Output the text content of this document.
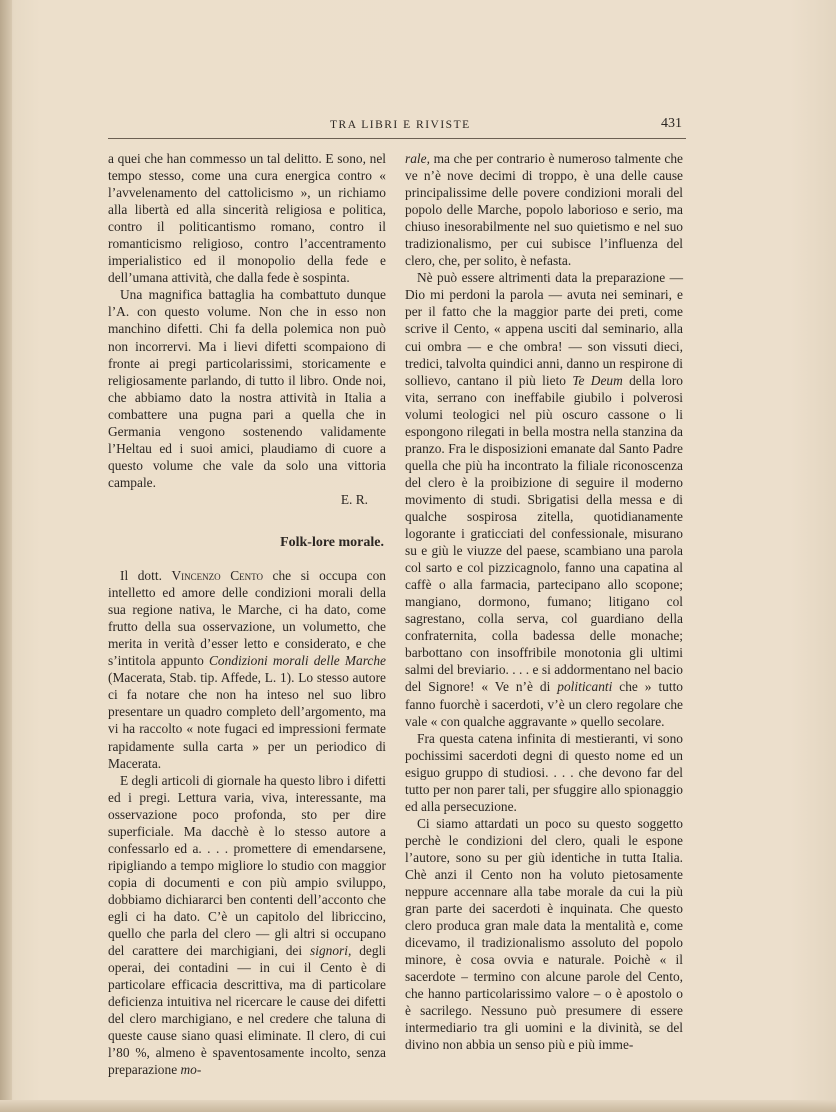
TRA LIBRI E RIVISTE	431

a quei che han commesso un tal delitto. E sono, nel tempo stesso, come una cura energica contro « l’avvelenamento del cattolicismo », un richiamo alla libertà ed alla sincerità religiosa e politica, contro il politicantismo romano, contro il romanticismo religioso, contro l’accentramento imperialistico ed il monopolio della fede e dell’umana attività, che dalla fede è sospinta.

Una magnifica battaglia ha combattuto dunque l’A. con questo volume. Non che in esso non manchino difetti. Chi fa della polemica non può non incorrervi. Ma i lievi difetti scompaiono di fronte ai pregi particolarissimi, storicamente e religiosamente parlando, di tutto il libro. Onde noi, che abbiamo dato la nostra attività in Italia a combattere una pugna pari a quella che in Germania vengono sostenendo validamente l’Heltau ed i suoi amici, plaudiamo di cuore a questo volume che vale da solo una vittoria campale.

E. R.

Folk-lore morale.

Il dott. Vincenzo Cento che si occupa con intelletto ed amore delle condizioni morali della sua regione nativa, le Marche, ci ha dato, come frutto della sua osservazione, un volumetto, che merita in verità d’esser letto e considerato, e che s’intitola appunto Condizioni morali delle Marche (Macerata, Stab. tip. Affede, L. 1). Lo stesso autore ci fa notare che non ha inteso nel suo libro presentare un quadro completo dell’argomento, ma vi ha raccolto « note fugaci ed impressioni fermate rapidamente sulla carta » per un periodico di Macerata.

E degli articoli di giornale ha questo libro i difetti ed i pregi. Lettura varia, viva, interessante, ma osservazione poco profonda, sto per dire superficiale. Ma dacchè è lo stesso autore a confessarlo ed a. . . . promettere di emendarsene, ripigliando a tempo migliore lo studio con maggior copia di documenti e con più ampio sviluppo, dobbiamo dichiararci ben contenti dell’acconto che egli ci ha dato. C’è un capitolo del libriccino, quello che parla del clero — gli altri si occupano del carattere dei marchigiani, dei signori, degli operai, dei contadini — in cui il Cento è di particolare efficacia descrittiva, ma di particolare deficienza intuitiva nel ricercare le cause dei difetti del clero marchigiano, e nel credere che taluna di queste cause siano quasi eliminate. Il clero, di cui l’80 %, almeno è spaventosamente incolto, senza preparazione mo-

rale, ma che per contrario è numeroso talmente che ve n’è nove decimi di troppo, è una delle cause principalissime delle povere condizioni morali del popolo delle Marche, popolo laborioso e serio, ma chiuso inesorabilmente nel suo quietismo e nel suo tradizionalismo, per cui subisce l’influenza del clero, che, per solito, è nefasta.

Nè può essere altrimenti data la preparazione — Dio mi perdoni la parola — avuta nei seminari, e per il fatto che la maggior parte dei preti, come scrive il Cento, « appena usciti dal seminario, alla cui ombra — e che ombra! — son vissuti dieci, tredici, talvolta quindici anni, danno un respirone di sollievo, cantano il più lieto Te Deum della loro vita, serrano con ineffabile giubilo i polverosi volumi teologici nel più oscuro cassone o li espongono rilegati in bella mostra nella stanzina da pranzo. Fra le disposizioni emanate dal Santo Padre quella che più ha incontrato la filiale riconoscenza del clero è la proibizione di seguire il moderno movimento di studi. Sbrigatisi della messa e di qualche sospirosa zitella, quotidianamente logorante i graticciati del confessionale, misurano su e giù le viuzze del paese, scambiano una parola col sarto e col pizzicagnolo, fanno una capatina al caffè o alla farmacia, partecipano allo scopone; mangiano, dormono, fumano; litigano col sagrestano, colla serva, col guardiano della confraternita, colla badessa delle monache; barbottano con insoffribile monotonia gli ultimi salmi del breviario. . . . e si addormentano nel bacio del Signore! « Ve n’è di politicanti che » tutto fanno fuorchè i sacerdoti, v’è un clero regolare che vale « con qualche aggravante » quello secolare.

Fra questa catena infinita di mestieranti, vi sono pochissimi sacerdoti degni di questo nome ed un esiguo gruppo di studiosi. . . . che devono far del tutto per non parer tali, per sfuggire allo spionaggio ed alla persecuzione.

Ci siamo attardati un poco su questo soggetto perchè le condizioni del clero, quali le espone l’autore, sono su per giù identiche in tutta Italia. Chè anzi il Cento non ha voluto pietosamente neppure accennare alla tabe morale da cui la più gran parte dei sacerdoti è inquinata. Che questo clero produca gran male data la mentalità e, come dicevamo, il tradizionalismo assoluto del popolo minore, è cosa ovvia e naturale. Poichè « il sacerdote – termino con alcune parole del Cento, che hanno particolarissimo valore – o è apostolo o è sacrilego. Nessuno può presumere di essere intermediario tra gli uomini e la divinità, se del divino non abbia un senso più e più imme-
